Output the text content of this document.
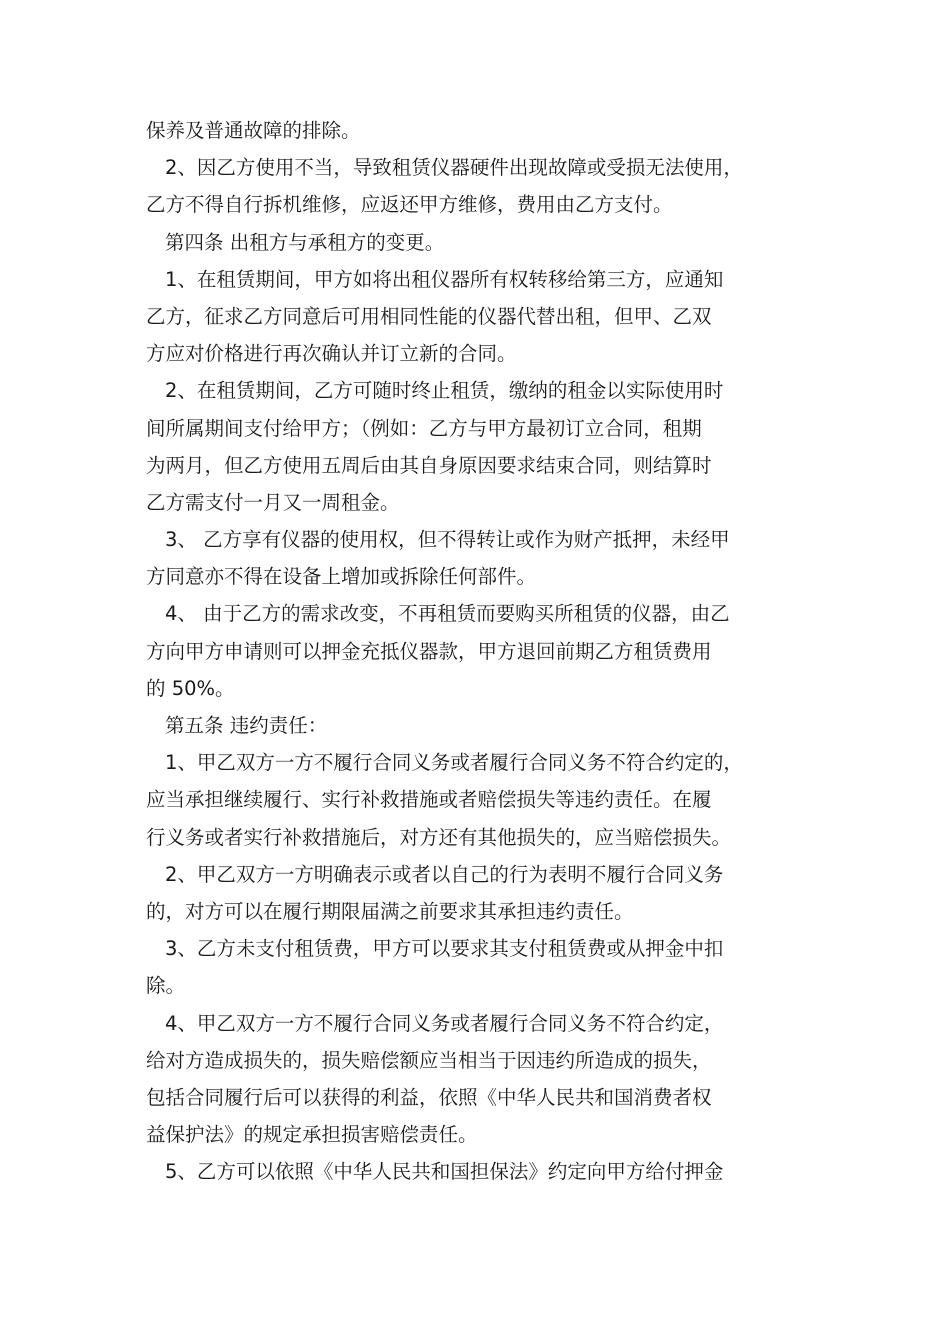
保养及普通故障的排除。
2、因乙方使用不当，导致租赁仪器硬件出现故障或受损无法使用，
乙方不得自行拆机维修，应返还甲方维修，费用由乙方支付。
第四条 出租方与承租方的变更。
1、在租赁期间，甲方如将出租仪器所有权转移给第三方，应通知
乙方，征求乙方同意后可用相同性能的仪器代替出租，但甲、乙双
方应对价格进行再次确认并订立新的合同。
2、在租赁期间，乙方可随时终止租赁，缴纳的租金以实际使用时
间所属期间支付给甲方；（例如：乙方与甲方最初订立合同，租期
为两月，但乙方使用五周后由其自身原因要求结束合同，则结算时
乙方需支付一月又一周租金。
3、 乙方享有仪器的使用权，但不得转让或作为财产抵押，未经甲
方同意亦不得在设备上增加或拆除任何部件。
4、 由于乙方的需求改变，不再租赁而要购买所租赁的仪器，由乙
方向甲方申请则可以押金充抵仪器款，甲方退回前期乙方租赁费用
的 50%。
第五条 违约责任：
1、甲乙双方一方不履行合同义务或者履行合同义务不符合约定的，
应当承担继续履行、实行补救措施或者赔偿损失等违约责任。在履
行义务或者实行补救措施后，对方还有其他损失的，应当赔偿损失。
2、甲乙双方一方明确表示或者以自己的行为表明不履行合同义务
的，对方可以在履行期限届满之前要求其承担违约责任。
3、乙方未支付租赁费，甲方可以要求其支付租赁费或从押金中扣
除。
4、甲乙双方一方不履行合同义务或者履行合同义务不符合约定，
给对方造成损失的，损失赔偿额应当相当于因违约所造成的损失，
包括合同履行后可以获得的利益，依照《中华人民共和国消费者权
益保护法》的规定承担损害赔偿责任。
5、乙方可以依照《中华人民共和国担保法》约定向甲方给付押金
